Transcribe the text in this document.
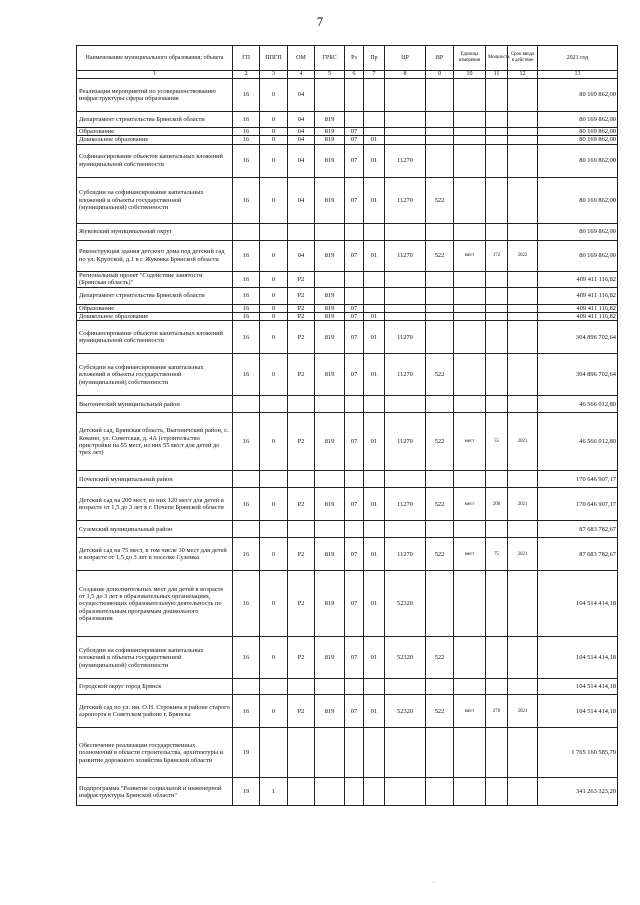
7
Наименование муниципального образования; объекта	ГП	ППГП	ОМ	ГРБС	Рз	Пр	ЦР	ВР	Единица измерения	Мощность	Срок ввода в действие	2021 год
1	2	3	4	5	6	7	8	9	10	11	12	13
Реализация мероприятий по усовершенствованию инфраструктуры сферы образования	16	0	04									80 169 862,00
Департамент строительства Брянской области	16	0	04	819								80 169 862,00
Образование	16	0	04	819	07							80 169 862,00
Дошкольное образование	16	0	04	819	07	01						80 169 862,00
Софинансирование объектов капитальных вложений муниципальной собственности	16	0	04	819	07	01	11270					80 169 862,00
Субсидии на софинансирование капитальных вложений в объекты государственной (муниципальной) собственности	16	0	04	819	07	01	11270	522				80 169 862,00
Жуковский муниципальный округ												80 169 862,00
Реконструкция здания детского дома под детский сад по ул. Крупской, д.1 в г. Жуковка Брянской области	16	0	04	819	07	01	11270	522	мест	172	2022	80 169 862,00
Региональный проект "Содействие занятости (Брянская область)"	16	0	P2									409 411 116,82
Департамент строительства Брянской области	16	0	P2	819								409 411 116,82
Образование	16	0	P2	819	07							409 411 116,82
Дошкольное образование	16	0	P2	819	07	01						409 411 116,82
Софинансирование объектов капитальных вложений муниципальной собственности	16	0	P2	819	07	01	11270					304 896 702,64
Субсидии на софинансирование капитальных вложений в объекты государственной (муниципальной) собственности	16	0	P2	819	07	01	11270	522				304 896 702,64
Выгоничский муниципальный район												46 566 012,80
Детский сад, Брянская область, Выгоничский район, с. Кокино, ул. Советская, д. 4А (строительство пристройки на 55 мест, из них 55 мест для детей до трех лет)	16	0	P2	819	07	01	11270	522	мест	55	2021	46 566 012,80
Почепский муниципальный район												170 646 907,17
Детский сад на 200 мест, из них 120 мест для детей в возрасте от 1,5 до 3 лет в г. Почепе Брянской области	16	0	P2	819	07	01	11270	522	мест	200	2021	170 646 907,17
Суземский муниципальный район												87 683 782,67
Детский сад на 75 мест, в том числе 30 мест для детей в возрасте от 1,5 до 3 лет в поселке Суземка	16	0	P2	819	07	01	11270	522	мест	75	2021	87 683 782,67
Создание дополнительных мест для детей в возрасте от 1,5 до 3 лет в образовательных организациях, осуществляющих образовательную деятельность по образовательным программам дошкольного образования	16	0	P2	819	07	01	52320					104 514 414,18
Субсидии на софинансирование капитальных вложений в объекты государственной (муниципальной) собственности	16	0	P2	819	07	01	52320	522				104 514 414,18
Городской округ город Брянск												104 514 414,18
Детский сад по ул. им. О.Н. Строкина в районе старого аэропорта в Советском районе г. Брянска	16	0	P2	819	07	01	52320	522	мест	270	2021	104 514 414,18
Обеспечение реализации государственных полномочий в области строительства, архитектуры и развитие дорожного хозяйства Брянской области	19											1 765 160 585,79
Подпрограмма "Развитие социальной и инженерной инфраструктуры Брянской области"	19	1										341 263 323,20
·
